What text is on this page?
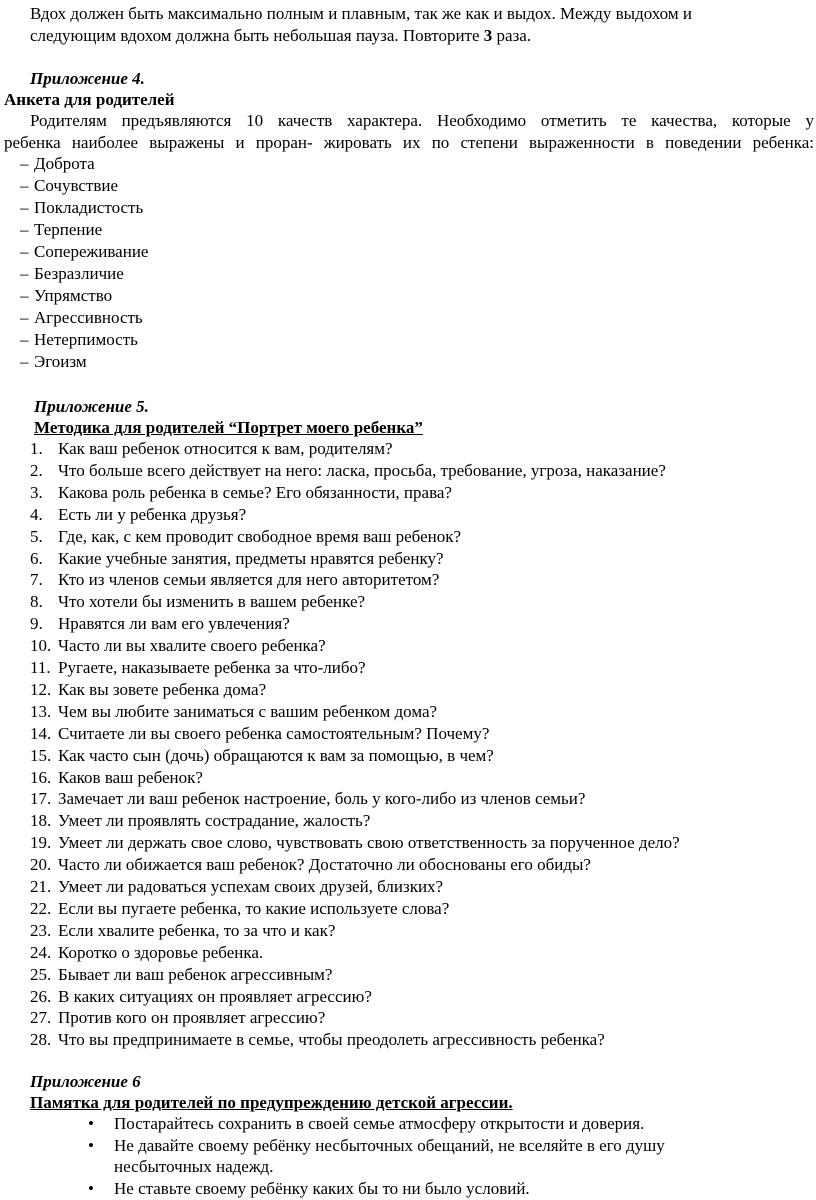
Вдох должен быть максимально полным и плавным, так же как и выдох. Между выдохом и
следующим вдохом должна быть небольшая пауза. Повторите 3 раза.
Приложение 4.
Анкета для родителей
Родителям предъявляются 10 качеств характера. Необходимо отметить те качества, которые у
ребенка наиболее выражены и проран- жировать их по степени выраженности в поведении ребенка:
– Доброта
– Сочувствие
– Покладистость
– Терпение
– Сопереживание
– Безразличие
– Упрямство
– Агрессивность
– Нетерпимость
– Эгоизм
Приложение 5.
Методика для родителей “Портрет моего ребенка”
1. Как ваш ребенок относится к вам, родителям?
2. Что больше всего действует на него: ласка, просьба, требование, угроза, наказание?
3. Какова роль ребенка в семье? Его обязанности, права?
4. Есть ли у ребенка друзья?
5. Где, как, с кем проводит свободное время ваш ребенок?
6. Какие учебные занятия, предметы нравятся ребенку?
7. Кто из членов семьи является для него авторитетом?
8. Что хотели бы изменить в вашем ребенке?
9. Нравятся ли вам его увлечения?
10. Часто ли вы хвалите своего ребенка?
11. Ругаете, наказываете ребенка за что-либо?
12. Как вы зовете ребенка дома?
13. Чем вы любите заниматься с вашим ребенком дома?
14. Считаете ли вы своего ребенка самостоятельным? Почему?
15. Как часто сын (дочь) обращаются к вам за помощью, в чем?
16. Каков ваш ребенок?
17. Замечает ли ваш ребенок настроение, боль у кого-либо из членов семьи?
18. Умеет ли проявлять сострадание, жалость?
19. Умеет ли держать свое слово, чувствовать свою ответственность за порученное дело?
20. Часто ли обижается ваш ребенок? Достаточно ли обоснованы его обиды?
21. Умеет ли радоваться успехам своих друзей, близких?
22. Если вы пугаете ребенка, то какие используете слова?
23. Если хвалите ребенка, то за что и как?
24. Коротко о здоровье ребенка.
25. Бывает ли ваш ребенок агрессивным?
26. В каких ситуациях он проявляет агрессию?
27. Против кого он проявляет агрессию?
28. Что вы предпринимаете в семье, чтобы преодолеть агрессивность ребенка?
Приложение 6
Памятка для родителей по предупреждению детской агрессии.
• Постарайтесь сохранить в своей семье атмосферу открытости и доверия.
• Не давайте своему ребёнку несбыточных обещаний, не вселяйте в его душу
несбыточных надежд.
• Не ставьте своему ребёнку каких бы то ни было условий.
